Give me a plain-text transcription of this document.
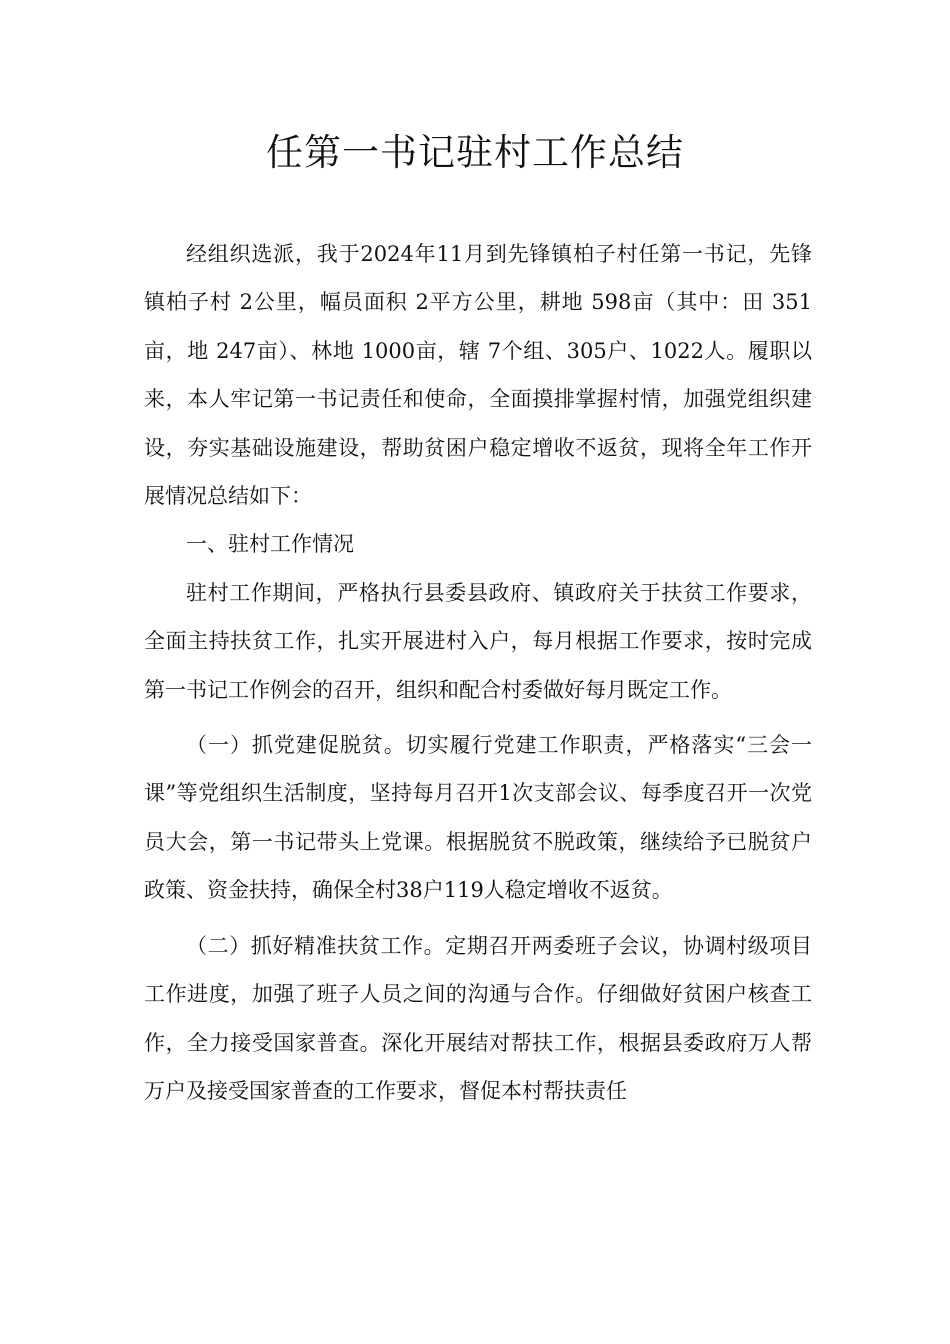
任第一书记驻村工作总结

经组织选派，我于2024年11月到先锋镇柏子村任第一书记，先锋镇柏子村 2公里，幅员面积 2平方公里，耕地 598亩（其中：田 351亩，地 247亩）、林地 1000亩，辖 7个组、305户、1022人。履职以来，本人牢记第一书记责任和使命，全面摸排掌握村情，加强党组织建设，夯实基础设施建设，帮助贫困户稳定增收不返贫，现将全年工作开展情况总结如下：

一、驻村工作情况

驻村工作期间，严格执行县委县政府、镇政府关于扶贫工作要求，全面主持扶贫工作，扎实开展进村入户，每月根据工作要求，按时完成第一书记工作例会的召开，组织和配合村委做好每月既定工作。

（一）抓党建促脱贫。切实履行党建工作职责，严格落实“三会一课”等党组织生活制度，坚持每月召开1次支部会议、每季度召开一次党员大会，第一书记带头上党课。根据脱贫不脱政策，继续给予已脱贫户政策、资金扶持，确保全村38户119人稳定增收不返贫。

（二）抓好精准扶贫工作。定期召开两委班子会议，协调村级项目工作进度，加强了班子人员之间的沟通与合作。仔细做好贫困户核查工作，全力接受国家普查。深化开展结对帮扶工作，根据县委政府万人帮万户及接受国家普查的工作要求，督促本村帮扶责任
